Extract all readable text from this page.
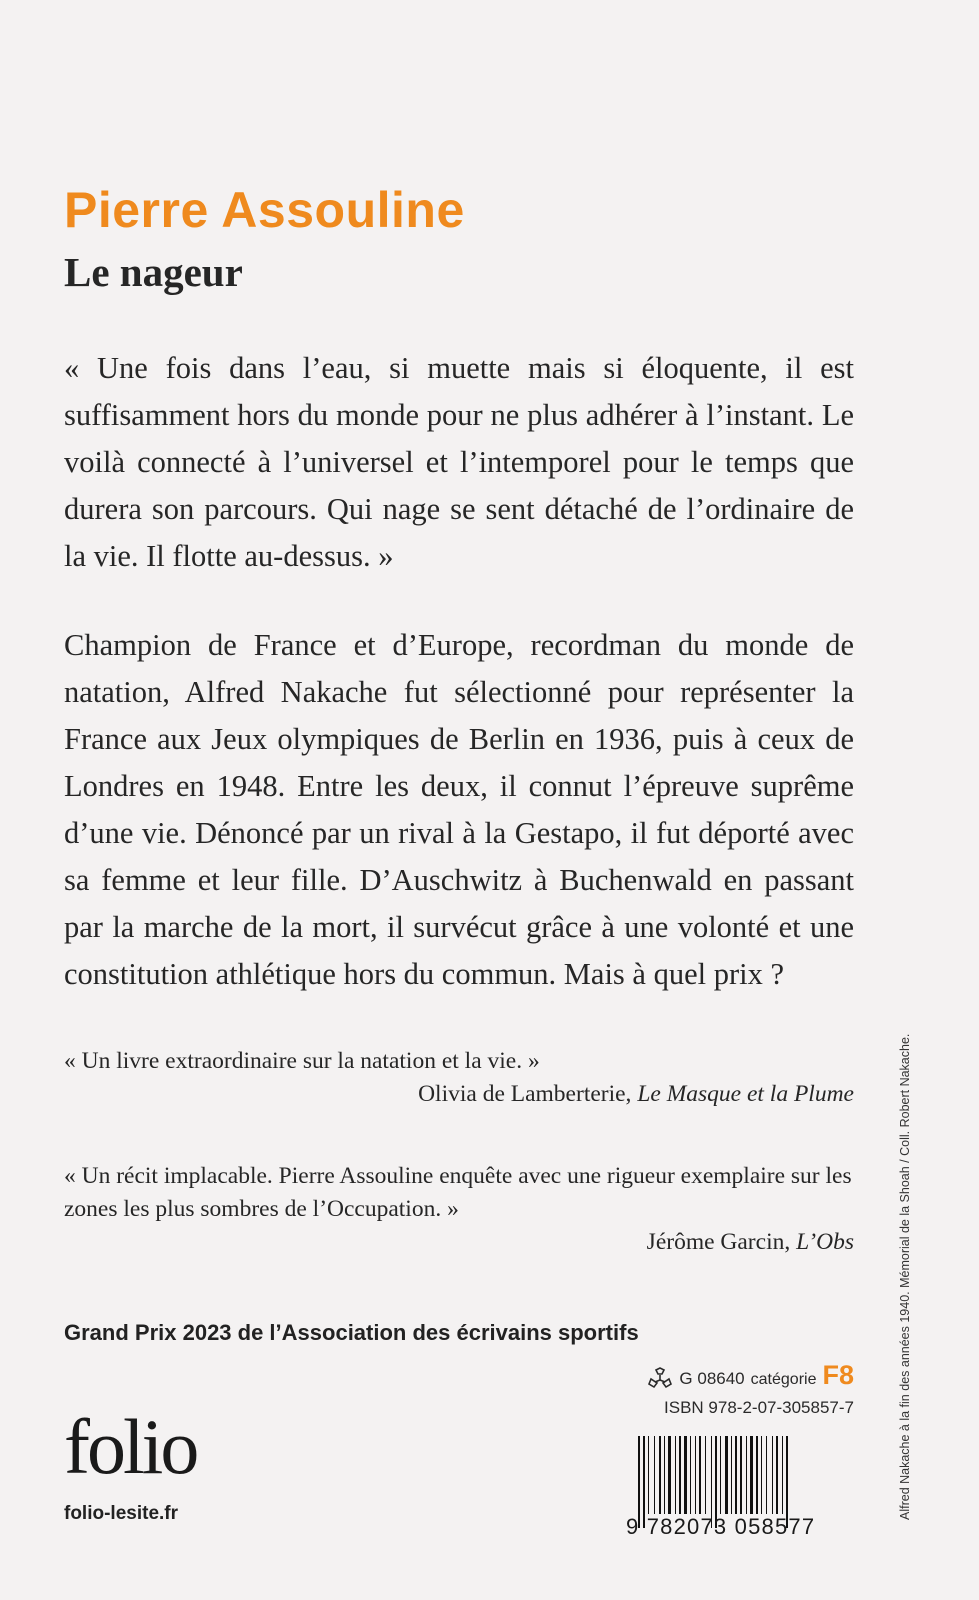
Pierre Assouline
Le nageur

« Une fois dans l’eau, si muette mais si éloquente, il est suffisamment hors du monde pour ne plus adhérer à l’instant. Le voilà connecté à l’universel et l’intemporel pour le temps que durera son parcours. Qui nage se sent détaché de l’ordinaire de la vie. Il flotte au-dessus. »

Champion de France et d’Europe, recordman du monde de natation, Alfred Nakache fut sélectionné pour représenter la France aux Jeux olympiques de Berlin en 1936, puis à ceux de Londres en 1948. Entre les deux, il connut l’épreuve suprême d’une vie. Dénoncé par un rival à la Gestapo, il fut déporté avec sa femme et leur fille. D’Auschwitz à Buchenwald en passant par la marche de la mort, il survécut grâce à une volonté et une constitution athlétique hors du commun. Mais à quel prix ?

« Un livre extraordinaire sur la natation et la vie. »
Olivia de Lamberterie, Le Masque et la Plume
« Un récit implacable. Pierre Assouline enquête avec une rigueur exemplaire sur les zones les plus sombres de l’Occupation. »
Jérôme Garcin, L’Obs

Grand Prix 2023 de l’Association des écrivains sportifs

G 08640 catégorie F8
ISBN 978-2-07-305857-7
folio
folio-lesite.fr
9 782073 058577
Alfred Nakache à la fin des années 1940. Mémorial de la Shoah / Coll. Robert Nakache.
